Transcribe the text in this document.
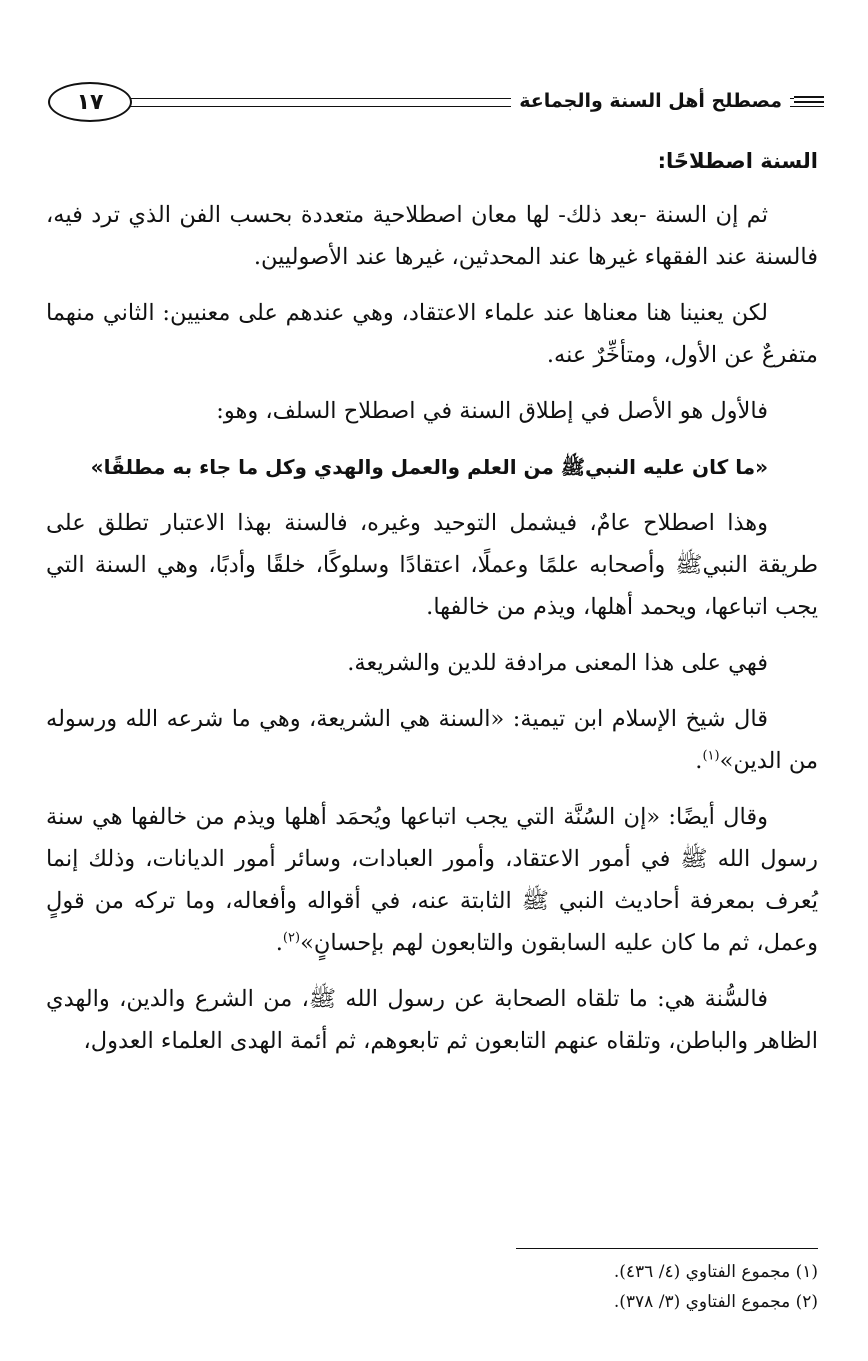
١٧	مصطلح أهل السنة والجماعة

السنة اصطلاحًا:

ثم إن السنة -بعد ذلك- لها معان اصطلاحية متعددة بحسب الفن الذي ترد فيه، فالسنة عند الفقهاء غيرها عند المحدثين، غيرها عند الأصوليين.

لكن يعنينا هنا معناها عند علماء الاعتقاد، وهي عندهم على معنيين: الثاني منهما متفرعٌ عن الأول، ومتأخِّرٌ عنه.

فالأول هو الأصل في إطلاق السنة في اصطلاح السلف، وهو:

«ما كان عليه النبيﷺ من العلم والعمل والهدي وكل ما جاء به مطلقًا»

وهذا اصطلاح عامٌ، فيشمل التوحيد وغيره، فالسنة بهذا الاعتبار تطلق على طريقة النبيﷺ وأصحابه علمًا وعملًا، اعتقادًا وسلوكًا، خلقًا وأدبًا، وهي السنة التي يجب اتباعها، ويحمد أهلها، ويذم من خالفها.

فهي على هذا المعنى مرادفة للدين والشريعة.

قال شيخ الإسلام ابن تيمية: «السنة هي الشريعة، وهي ما شرعه الله ورسوله من الدين»$^{(١)}$.

وقال أيضًا: «إن السُنَّة التي يجب اتباعها ويُحمَد أهلها ويذم من خالفها هي سنة رسول الله ﷺ في أمور الاعتقاد، وأمور العبادات، وسائر أمور الديانات، وذلك إنما يُعرف بمعرفة أحاديث النبي ﷺ الثابتة عنه، في أقواله وأفعاله، وما تركه من قولٍ وعمل، ثم ما كان عليه السابقون والتابعون لهم بإحسانٍ»$^{(٢)}$.

فالسُّنة هي: ما تلقاه الصحابة عن رسول الله ﷺ، من الشرع والدين، والهدي الظاهر والباطن، وتلقاه عنهم التابعون ثم تابعوهم، ثم أئمة الهدى العلماء العدول،

(١) مجموع الفتاوي (٤/ ٤٣٦).
(٢) مجموع الفتاوي (٣/ ٣٧٨).
